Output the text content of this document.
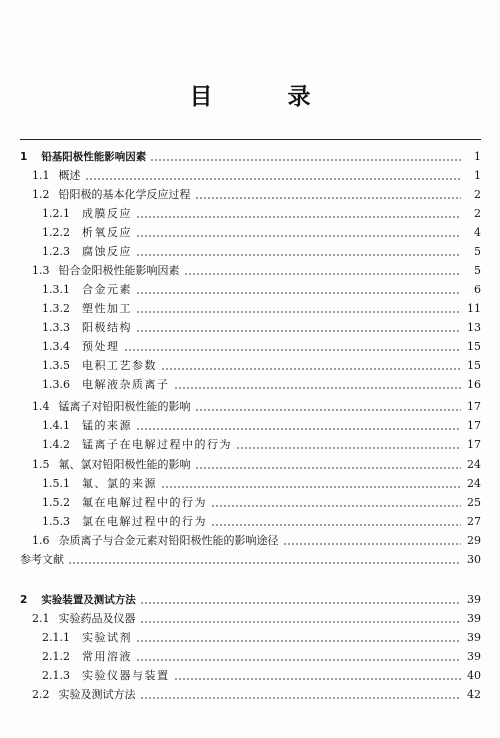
目　录
1 铅基阳极性能影响因素	1
1.1 概述	1
1.2 铅阳极的基本化学反应过程	2
1.2.1 成膜反应	2
1.2.2 析氧反应	4
1.2.3 腐蚀反应	5
1.3 铅合金阳极性能影响因素	5
1.3.1 合金元素	6
1.3.2 塑性加工	11
1.3.3 阳极结构	13
1.3.4 预处理	15
1.3.5 电积工艺参数	15
1.3.6 电解液杂质离子	16
1.4 锰离子对铅阳极性能的影响	17
1.4.1 锰的来源	17
1.4.2 锰离子在电解过程中的行为	17
1.5 氟、氯对铅阳极性能的影响	24
1.5.1 氟、氯的来源	24
1.5.2 氟在电解过程中的行为	25
1.5.3 氯在电解过程中的行为	27
1.6 杂质离子与合金元素对铅阳极性能的影响途径	29
参考文献	30
2 实验装置及测试方法	39
2.1 实验药品及仪器	39
2.1.1 实验试剂	39
2.1.2 常用溶液	39
2.1.3 实验仪器与装置	40
2.2 实验及测试方法	42
